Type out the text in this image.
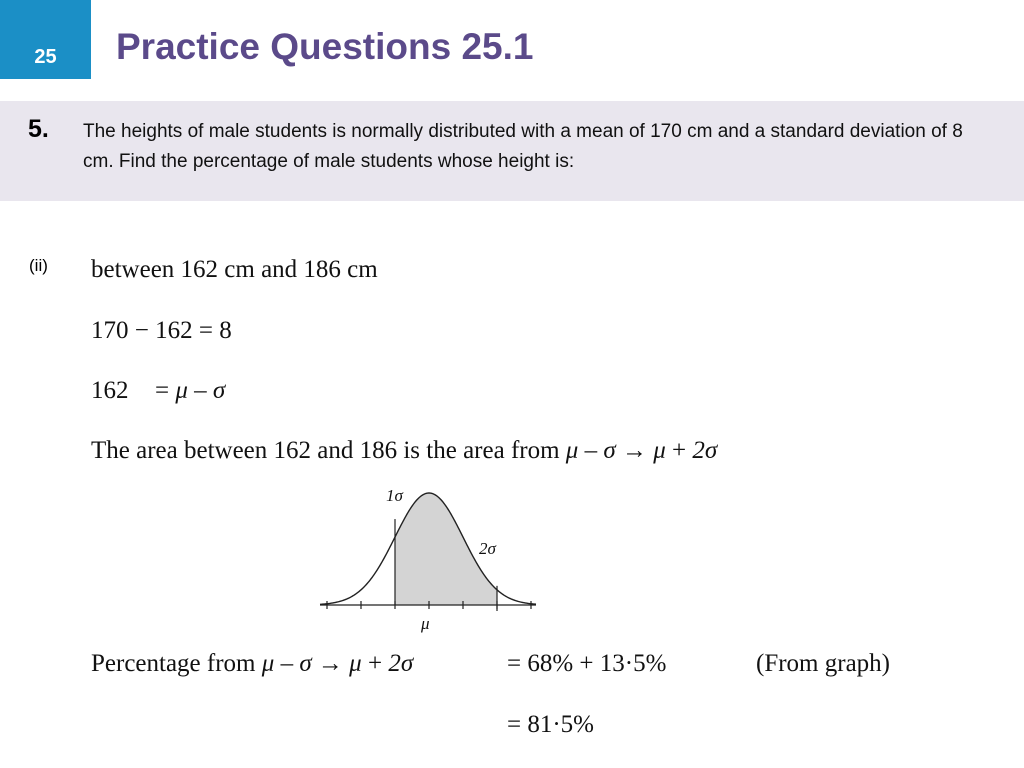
25 Practice Questions 25.1
5. The heights of male students is normally distributed with a mean of 170 cm and a standard deviation of 8 cm. Find the percentage of male students whose height is:
(ii) between 162 cm and 186 cm
170 − 162 = 8
162 = μ – σ
The area between 162 and 186 is the area from μ – σ → μ + 2σ
1σ
2σ
μ
Percentage from μ – σ → μ + 2σ	= 68% + 13·5%	(From graph)
= 81·5%
